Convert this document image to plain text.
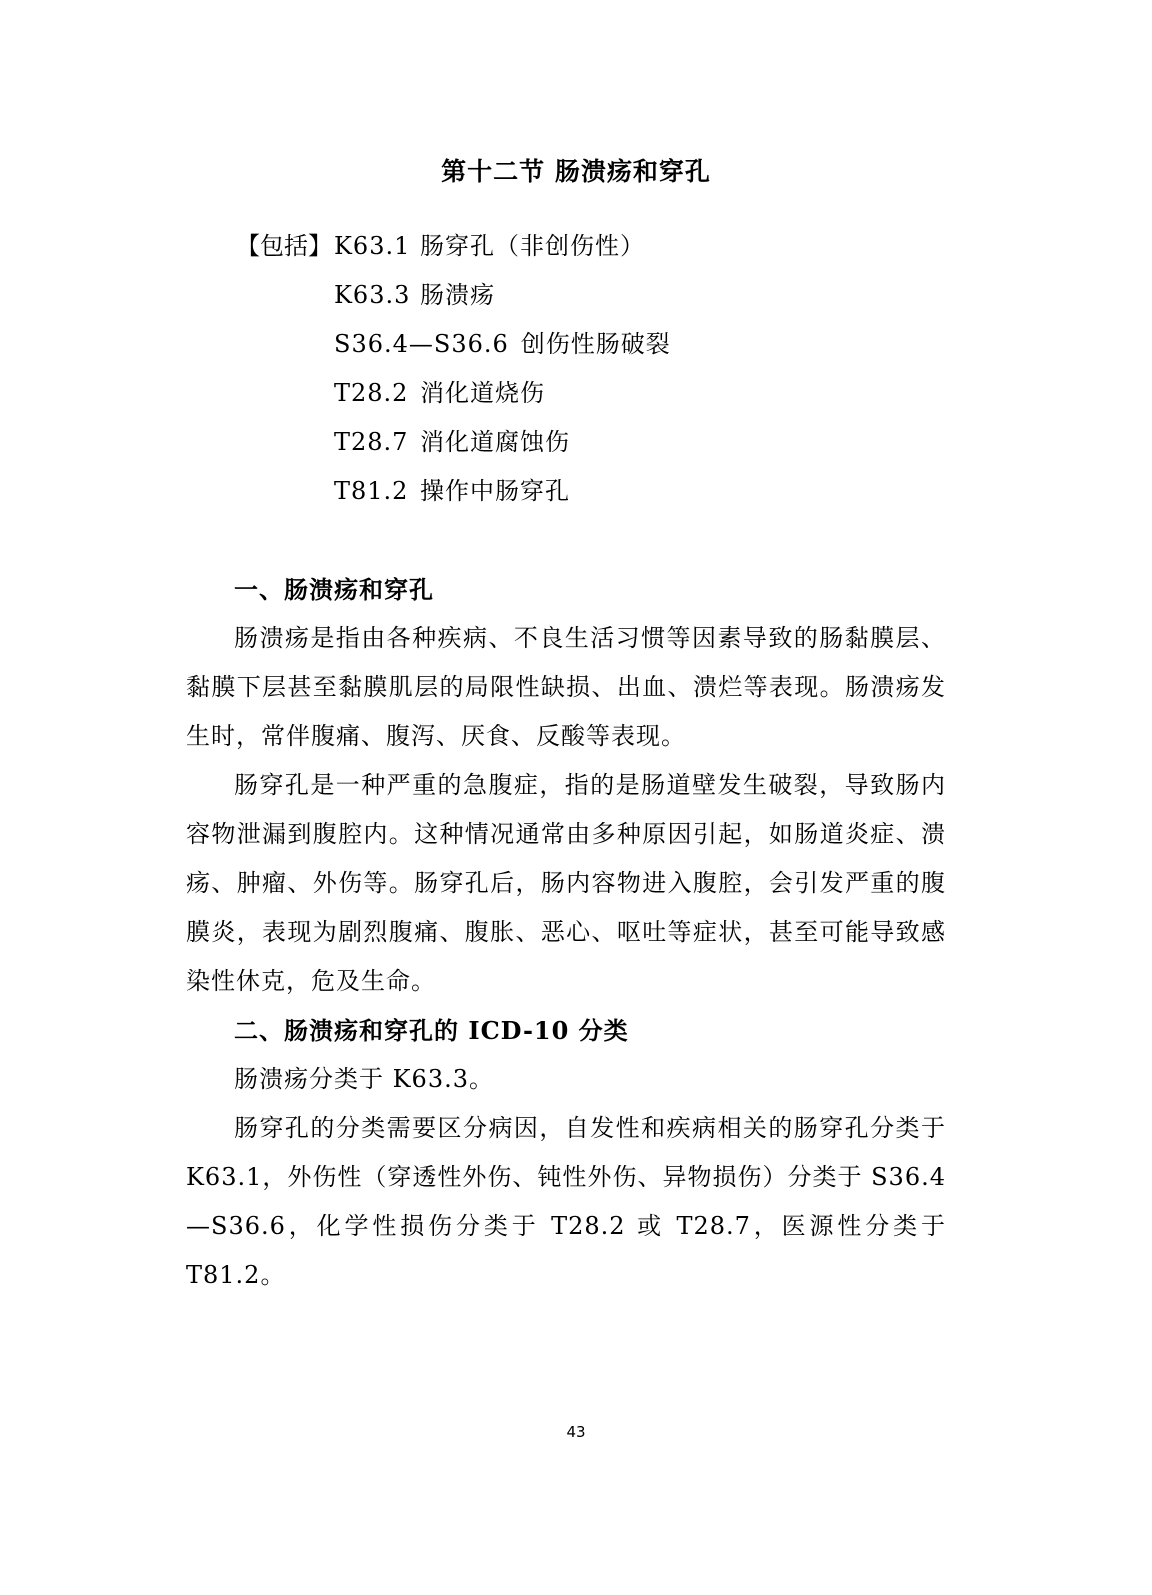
第十二节 肠溃疡和穿孔
【包括】 K63.1 肠穿孔（非创伤性）
K63.3 肠溃疡
S36.4—S36.6 创伤性肠破裂
T28.2 消化道烧伤
T28.7 消化道腐蚀伤
T81.2 操作中肠穿孔
一、肠溃疡和穿孔

肠溃疡是指由各种疾病、不良生活习惯等因素导致的肠黏膜层、黏膜下层甚至黏膜肌层的局限性缺损、出血、溃烂等表现。肠溃疡发生时，常伴腹痛、腹泻、厌食、反酸等表现。

肠穿孔是一种严重的急腹症，指的是肠道壁发生破裂，导致肠内容物泄漏到腹腔内。这种情况通常由多种原因引起，如肠道炎症、溃疡、肿瘤、外伤等。肠穿孔后，肠内容物进入腹腔，会引发严重的腹膜炎，表现为剧烈腹痛、腹胀、恶心、呕吐等症状，甚至可能导致感染性休克，危及生命。

二、肠溃疡和穿孔的 ICD-10 分类

肠溃疡分类于 K63.3。

肠穿孔的分类需要区分病因，自发性和疾病相关的肠穿孔分类于 K63.1，外伤性（穿透性外伤、钝性外伤、异物损伤）分类于 S36.4—S36.6，化学性损伤分类于 T28.2 或 T28.7，医源性分类于 T81.2。

43
